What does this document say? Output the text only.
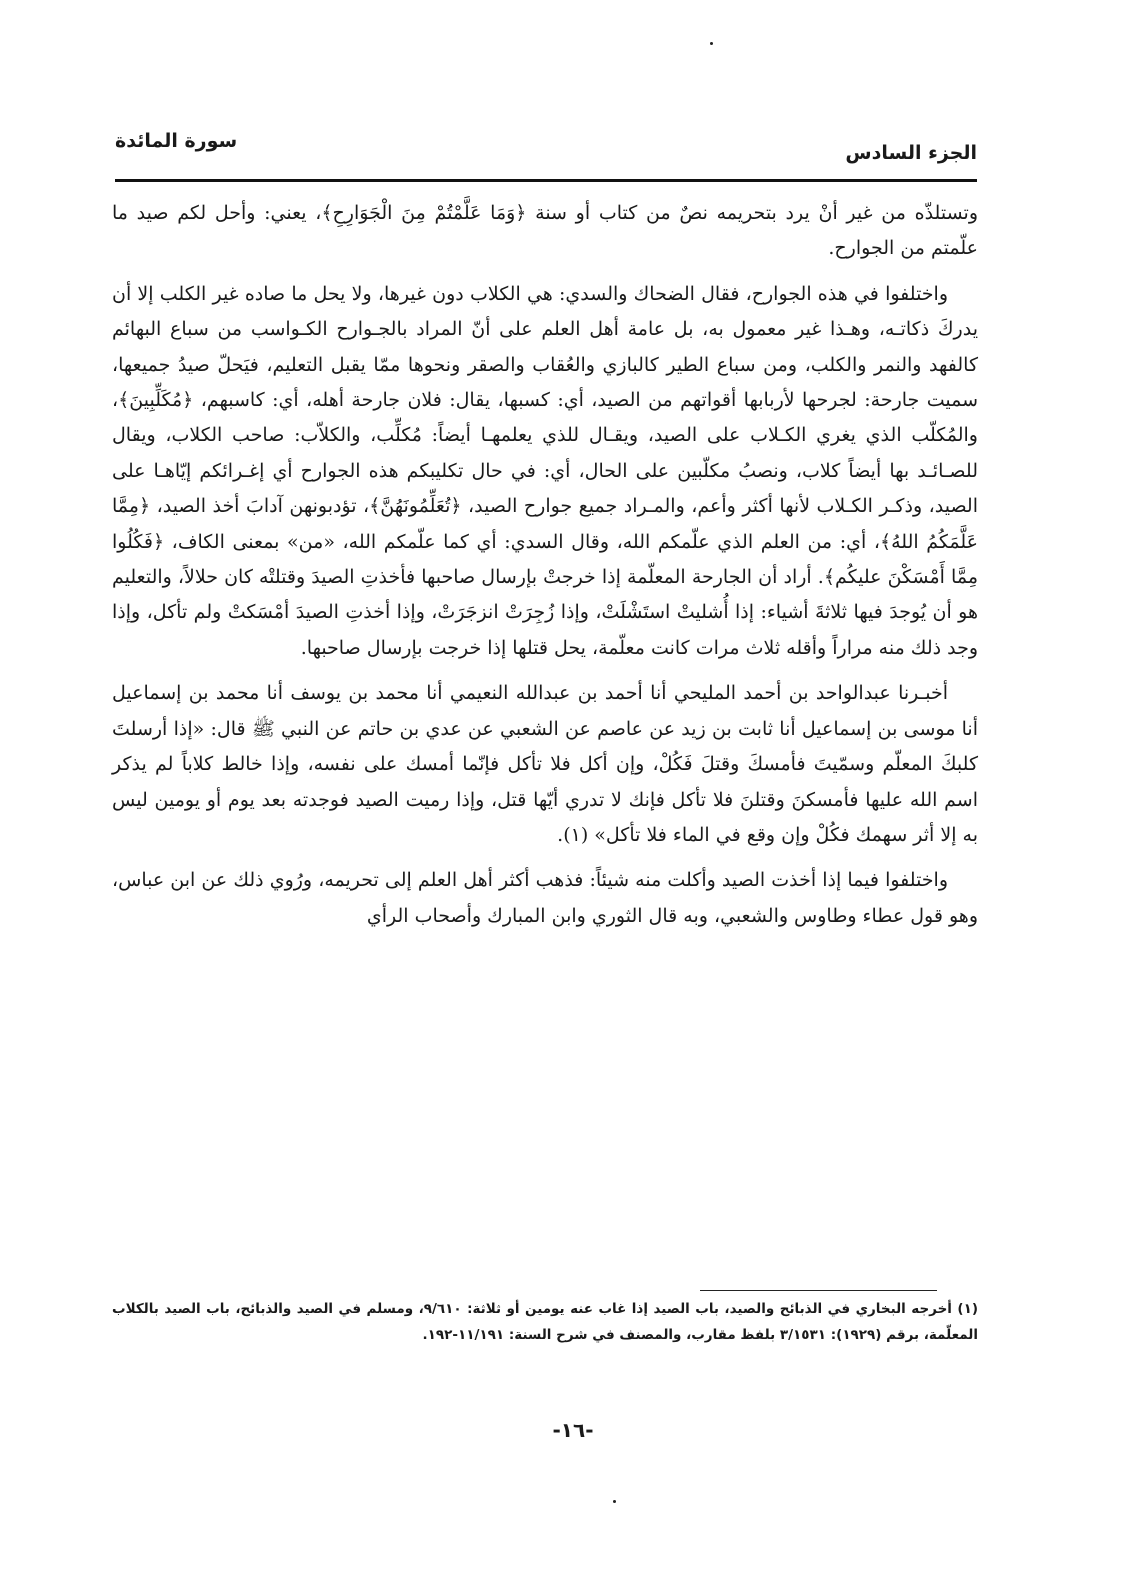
الجزء السادس
سورة المائدة

وتستلذّه من غير أنْ يرد بتحريمه نصٌ من كتاب أو سنة ﴿وَمَا عَلَّمْتُمْ مِنَ الْجَوَارِحِ﴾، يعني: وأحل لكم صيد ما علّمتم من الجوارح.

واختلفوا في هذه الجوارح، فقال الضحاك والسدي: هي الكلاب دون غيرها، ولا يحل ما صاده غير الكلب إلا أن يدركَ ذكاتـه، وهـذا غير معمول به، بل عامة أهل العلم على أنّ المراد بالجـوارح الكـواسب من سباع البهائم كالفهد والنمر والكلب، ومن سباع الطير كالبازي والعُقاب والصقر ونحوها ممّا يقبل التعليم، فيَحلّ صيدُ جميعها، سميت جارحة: لجرحها لأربابها أقواتهم من الصيد، أي: كسبها، يقال: فلان جارحة أهله، أي: كاسبهم، ﴿مُكَلِّبِينَ﴾، والمُكلّب الذي يغري الكـلاب على الصيد، ويقـال للذي يعلمهـا أيضاً: مُكلِّب، والكلاّب: صاحب الكلاب، ويقال للصـائـد بها أيضاً كلاب، ونصبُ مكلّبين على الحال، أي: في حال تكليبكم هذه الجوارح أي إغـرائكم إيّاهـا على الصيد، وذكـر الكـلاب لأنها أكثر وأعم، والمـراد جميع جوارح الصيد، ﴿تُعَلِّمُونَهُنَّ﴾، تؤدبونهن آدابَ أخذ الصيد، ﴿مِمَّا عَلَّمَكُمُ اللهُ﴾، أي: من العلم الذي علّمكم الله، وقال السدي: أي كما علّمكم الله، «من» بمعنى الكاف، ﴿فَكُلُوا مِمَّا أَمْسَكْنَ عليكُم﴾. أراد أن الجارحة المعلّمة إذا خرجتْ بإرسال صاحبها فأخذتِ الصيدَ وقتلتْه كان حلالاً، والتعليم هو أن يُوجدَ فيها ثلاثةَ أشياء: إذا أُشليتْ استَشْلَتْ، وإذا زُجِرَتْ انزجَرَتْ، وإذا أخذتِ الصيدَ أمْسَكتْ ولم تأكل، وإذا وجد ذلك منه مراراً وأقله ثلاث مرات كانت معلّمة، يحل قتلها إذا خرجت بإرسال صاحبها.

أخبـرنا عبدالواحد بن أحمد المليحي أنا أحمد بن عبدالله النعيمي أنا محمد بن يوسف أنا محمد بن إسماعيل أنا موسى بن إسماعيل أنا ثابت بن زيد عن عاصم عن الشعبي عن عدي بن حاتم عن النبي ﷺ قال: «إذا أرسلتَ كلبكَ المعلّم وسمّيتَ فأمسكَ وقتلَ فَكُلْ، وإن أكل فلا تأكل فإنّما أمسك على نفسه، وإذا خالط كلاباً لم يذكر اسم الله عليها فأمسكنَ وقتلنَ فلا تأكل فإنك لا تدري أيّها قتل، وإذا رميت الصيد فوجدته بعد يوم أو يومين ليس به إلا أثر سهمك فكُلْ وإن وقع في الماء فلا تأكل» (١).

واختلفوا فيما إذا أخذت الصيد وأكلت منه شيئاً: فذهب أكثر أهل العلم إلى تحريمه، ورُوي ذلك عن ابن عباس، وهو قول عطاء وطاوس والشعبي، وبه قال الثوري وابن المبارك وأصحاب الرأي

(١) أخرجه البخاري في الذبائح والصيد، باب الصيد إذا غاب عنه يومين أو ثلاثة: ٩/٦١٠، ومسلم في الصيد والذبائح، باب الصيد بالكلاب المعلّمة، برقم (١٩٢٩): ٣/١٥٣١ بلفظ مقارب، والمصنف في شرح السنة: ١١/١٩١-١٩٢.

-١٦-
